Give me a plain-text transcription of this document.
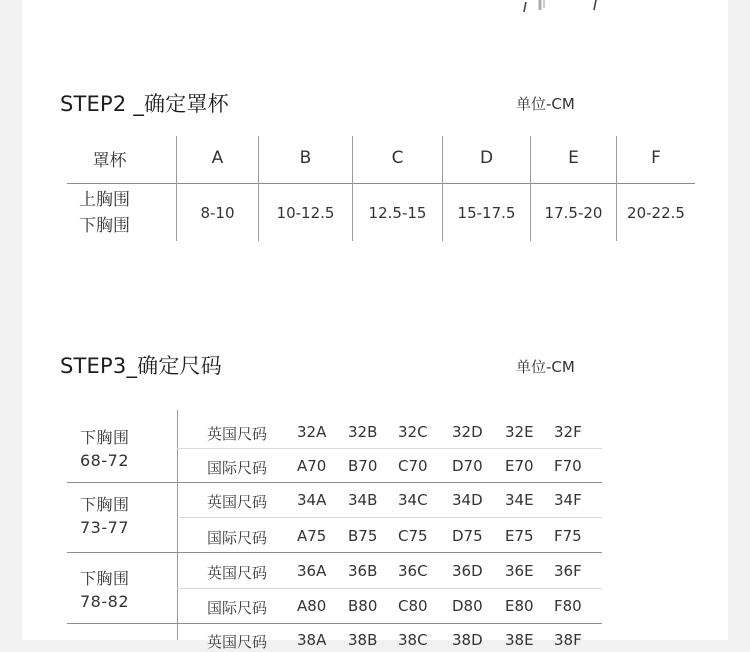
STEP2 _确定罩杯	单位-CM
罩杯	A	B	C	D	E	F
上胸围
下胸围
8-10	10-12.5	12.5-15	15-17.5	17.5-20	20-22.5
STEP3_确定尺码	单位-CM
下胸围
68-72
英国尺码 32A 32B 32C 32D 32E 32F
国际尺码 A70 B70 C70 D70 E70 F70
下胸围
73-77
英国尺码 34A 34B 34C 34D 34E 34F
国际尺码 A75 B75 C75 D75 E75 F75
下胸围
78-82
英国尺码 36A 36B 36C 36D 36E 36F
国际尺码 A80 B80 C80 D80 E80 F80
英国尺码 38A 38B 38C 38D 38E 38F
